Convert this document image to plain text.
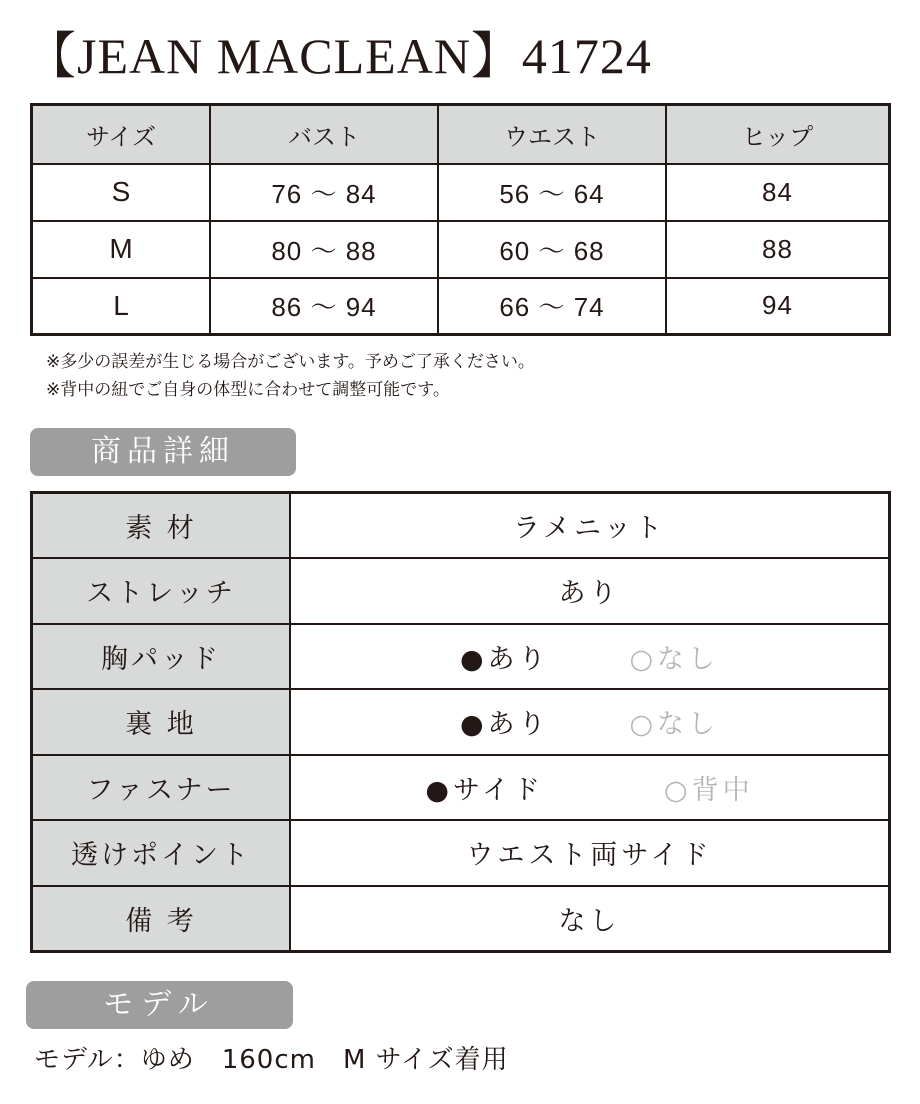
【JEAN MACLEAN】41724
サイズ	バスト	ウエスト	ヒップ
S	76 ～ 84	56 ～ 64	84
M	80 ～ 88	60 ～ 68	88
L	86 ～ 94	66 ～ 74	94
※多少の誤差が生じる場合がございます。予めご了承ください。
※背中の紐でご自身の体型に合わせて調整可能です。
商品詳細
素 材	ラメニット
ストレッチ	あり
胸パッド	●あり ○なし
裏 地	●あり ○なし
ファスナー	●サイド ○背中
透けポイント	ウエスト両サイド
備 考	なし
モデル
モデル：ゆめ　160cm　M サイズ着用
